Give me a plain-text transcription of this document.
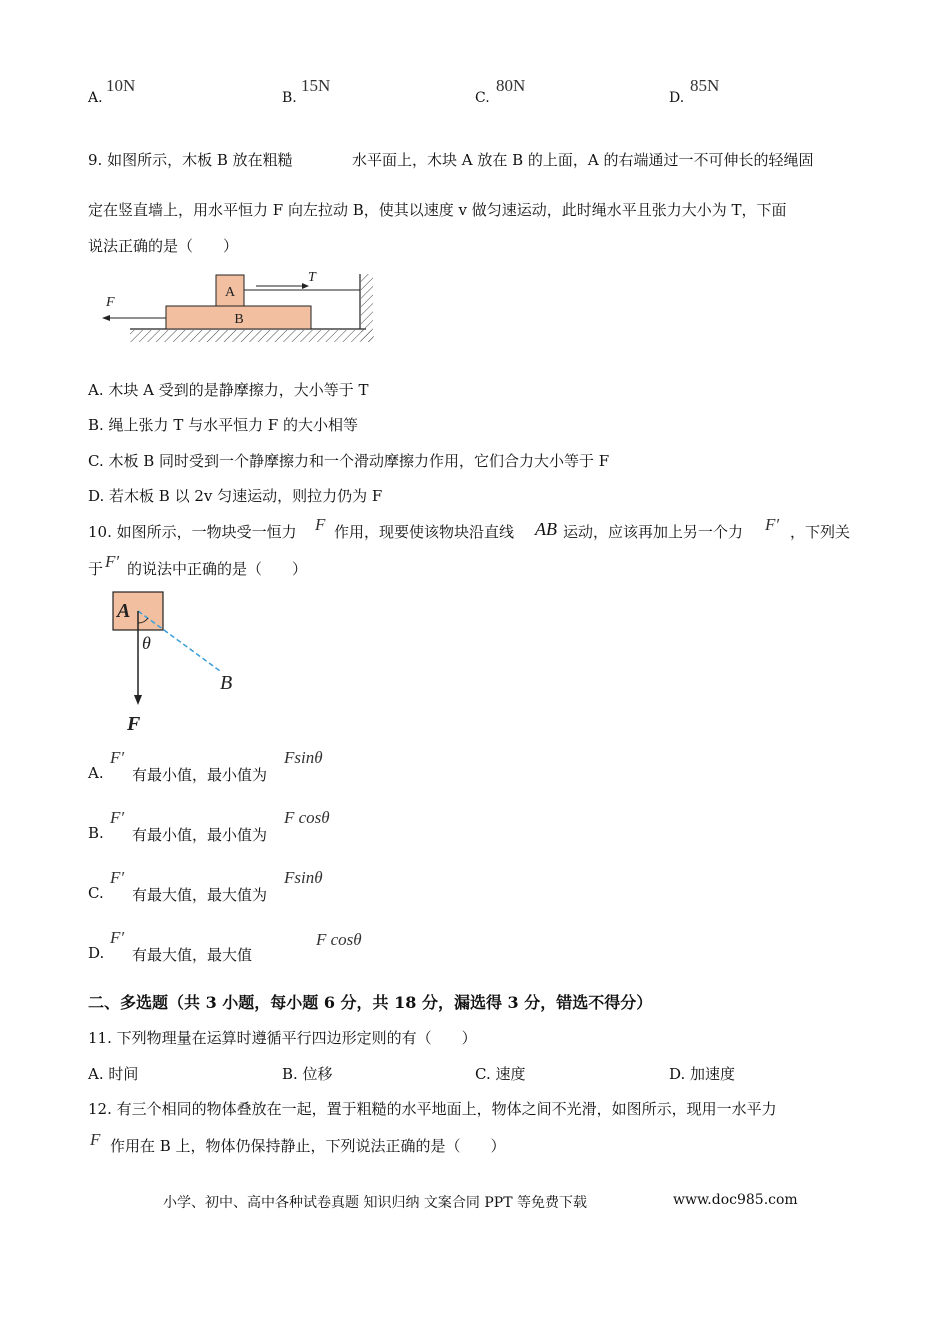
A.
10N
B.
15N
C.
80N
D.
85N
9. 如图所示，木板 B 放在粗糙	水平面上，木块 A 放在 B 的上面，A 的右端通过一不可伸长的轻绳固
定在竖直墙上，用水平恒力 F 向左拉动 B，使其以速度 v 做匀速运动，此时绳水平且张力大小为 T，下面
说法正确的是（　　）
B
A
T
F
A. 木块 A 受到的是静摩擦力，大小等于 T
B. 绳上张力 T 与水平恒力 F 的大小相等
C. 木板 B 同时受到一个静摩擦力和一个滑动摩擦力作用，它们合力大小等于 F
D. 若木板 B 以 2v 匀速运动，则拉力仍为 F
10. 如图所示，一物块受一恒力 F 作用，现要使该物块沿直线 AB 运动，应该再加上另一个力 F′ ，下列关
于 F′ 的说法中正确的是（　　）
A
B
θ
F
A.
F′
有最小值，最小值为
Fsinθ
B.
F′
有最小值，最小值为
F cosθ
C.
F′
有最大值，最大值为
Fsinθ
D.
F′
有最大值，最大值
F cosθ
二、多选题（共 3 小题，每小题 6 分，共 18 分，漏选得 3 分，错选不得分）
11. 下列物理量在运算时遵循平行四边形定则的有（　　）
A. 时间	B. 位移	C. 速度	D. 加速度
12. 有三个相同的物体叠放在一起，置于粗糙的水平地面上，物体之间不光滑，如图所示，现用一水平力
F 作用在 B 上，物体仍保持静止，下列说法正确的是（　　）
小学、初中、高中各种试卷真题 知识归纳 文案合同 PPT 等免费下载	www.doc985.com
